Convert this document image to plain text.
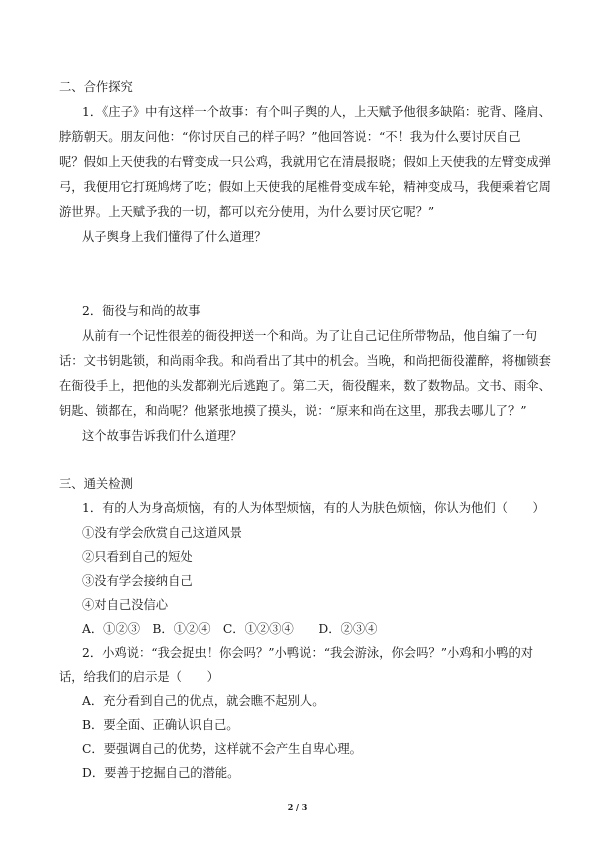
二、合作探究
1．《庄子》中有这样一个故事：有个叫子舆的人，上天赋予他很多缺陷：驼背、隆肩、
脖筋朝天。朋友问他：“你讨厌自己的样子吗？”他回答说：“不！我为什么要讨厌自己
呢？假如上天使我的右臂变成一只公鸡，我就用它在清晨报晓；假如上天使我的左臂变成弹
弓，我便用它打斑鸠烤了吃；假如上天使我的尾椎骨变成车轮，精神变成马，我便乘着它周
游世界。上天赋予我的一切，都可以充分使用，为什么要讨厌它呢？”
从子舆身上我们懂得了什么道理？
2．衙役与和尚的故事
从前有一个记性很差的衙役押送一个和尚。为了让自己记住所带物品，他自编了一句
话：文书钥匙锁，和尚雨伞我。和尚看出了其中的机会。当晚，和尚把衙役灌醉，将枷锁套
在衙役手上，把他的头发都剃光后逃跑了。第二天，衙役醒来，数了数物品。文书、雨伞、
钥匙、锁都在，和尚呢？他紧张地摸了摸头，说：“原来和尚在这里，那我去哪儿了？”
这个故事告诉我们什么道理？
三、通关检测
1．有的人为身高烦恼，有的人为体型烦恼，有的人为肤色烦恼，你认为他们（　　）
①没有学会欣赏自己这道风景
②只看到自己的短处
③没有学会接纳自己
④对自己没信心
A．①②③　B．①②④　C．①②③④　　D．②③④
2．小鸡说：“我会捉虫！你会吗？”小鸭说：“我会游泳，你会吗？”小鸡和小鸭的对
话，给我们的启示是（　　）
A．充分看到自己的优点，就会瞧不起别人。
B．要全面、正确认识自己。
C．要强调自己的优势，这样就不会产生自卑心理。
D．要善于挖掘自己的潜能。
2 / 3
